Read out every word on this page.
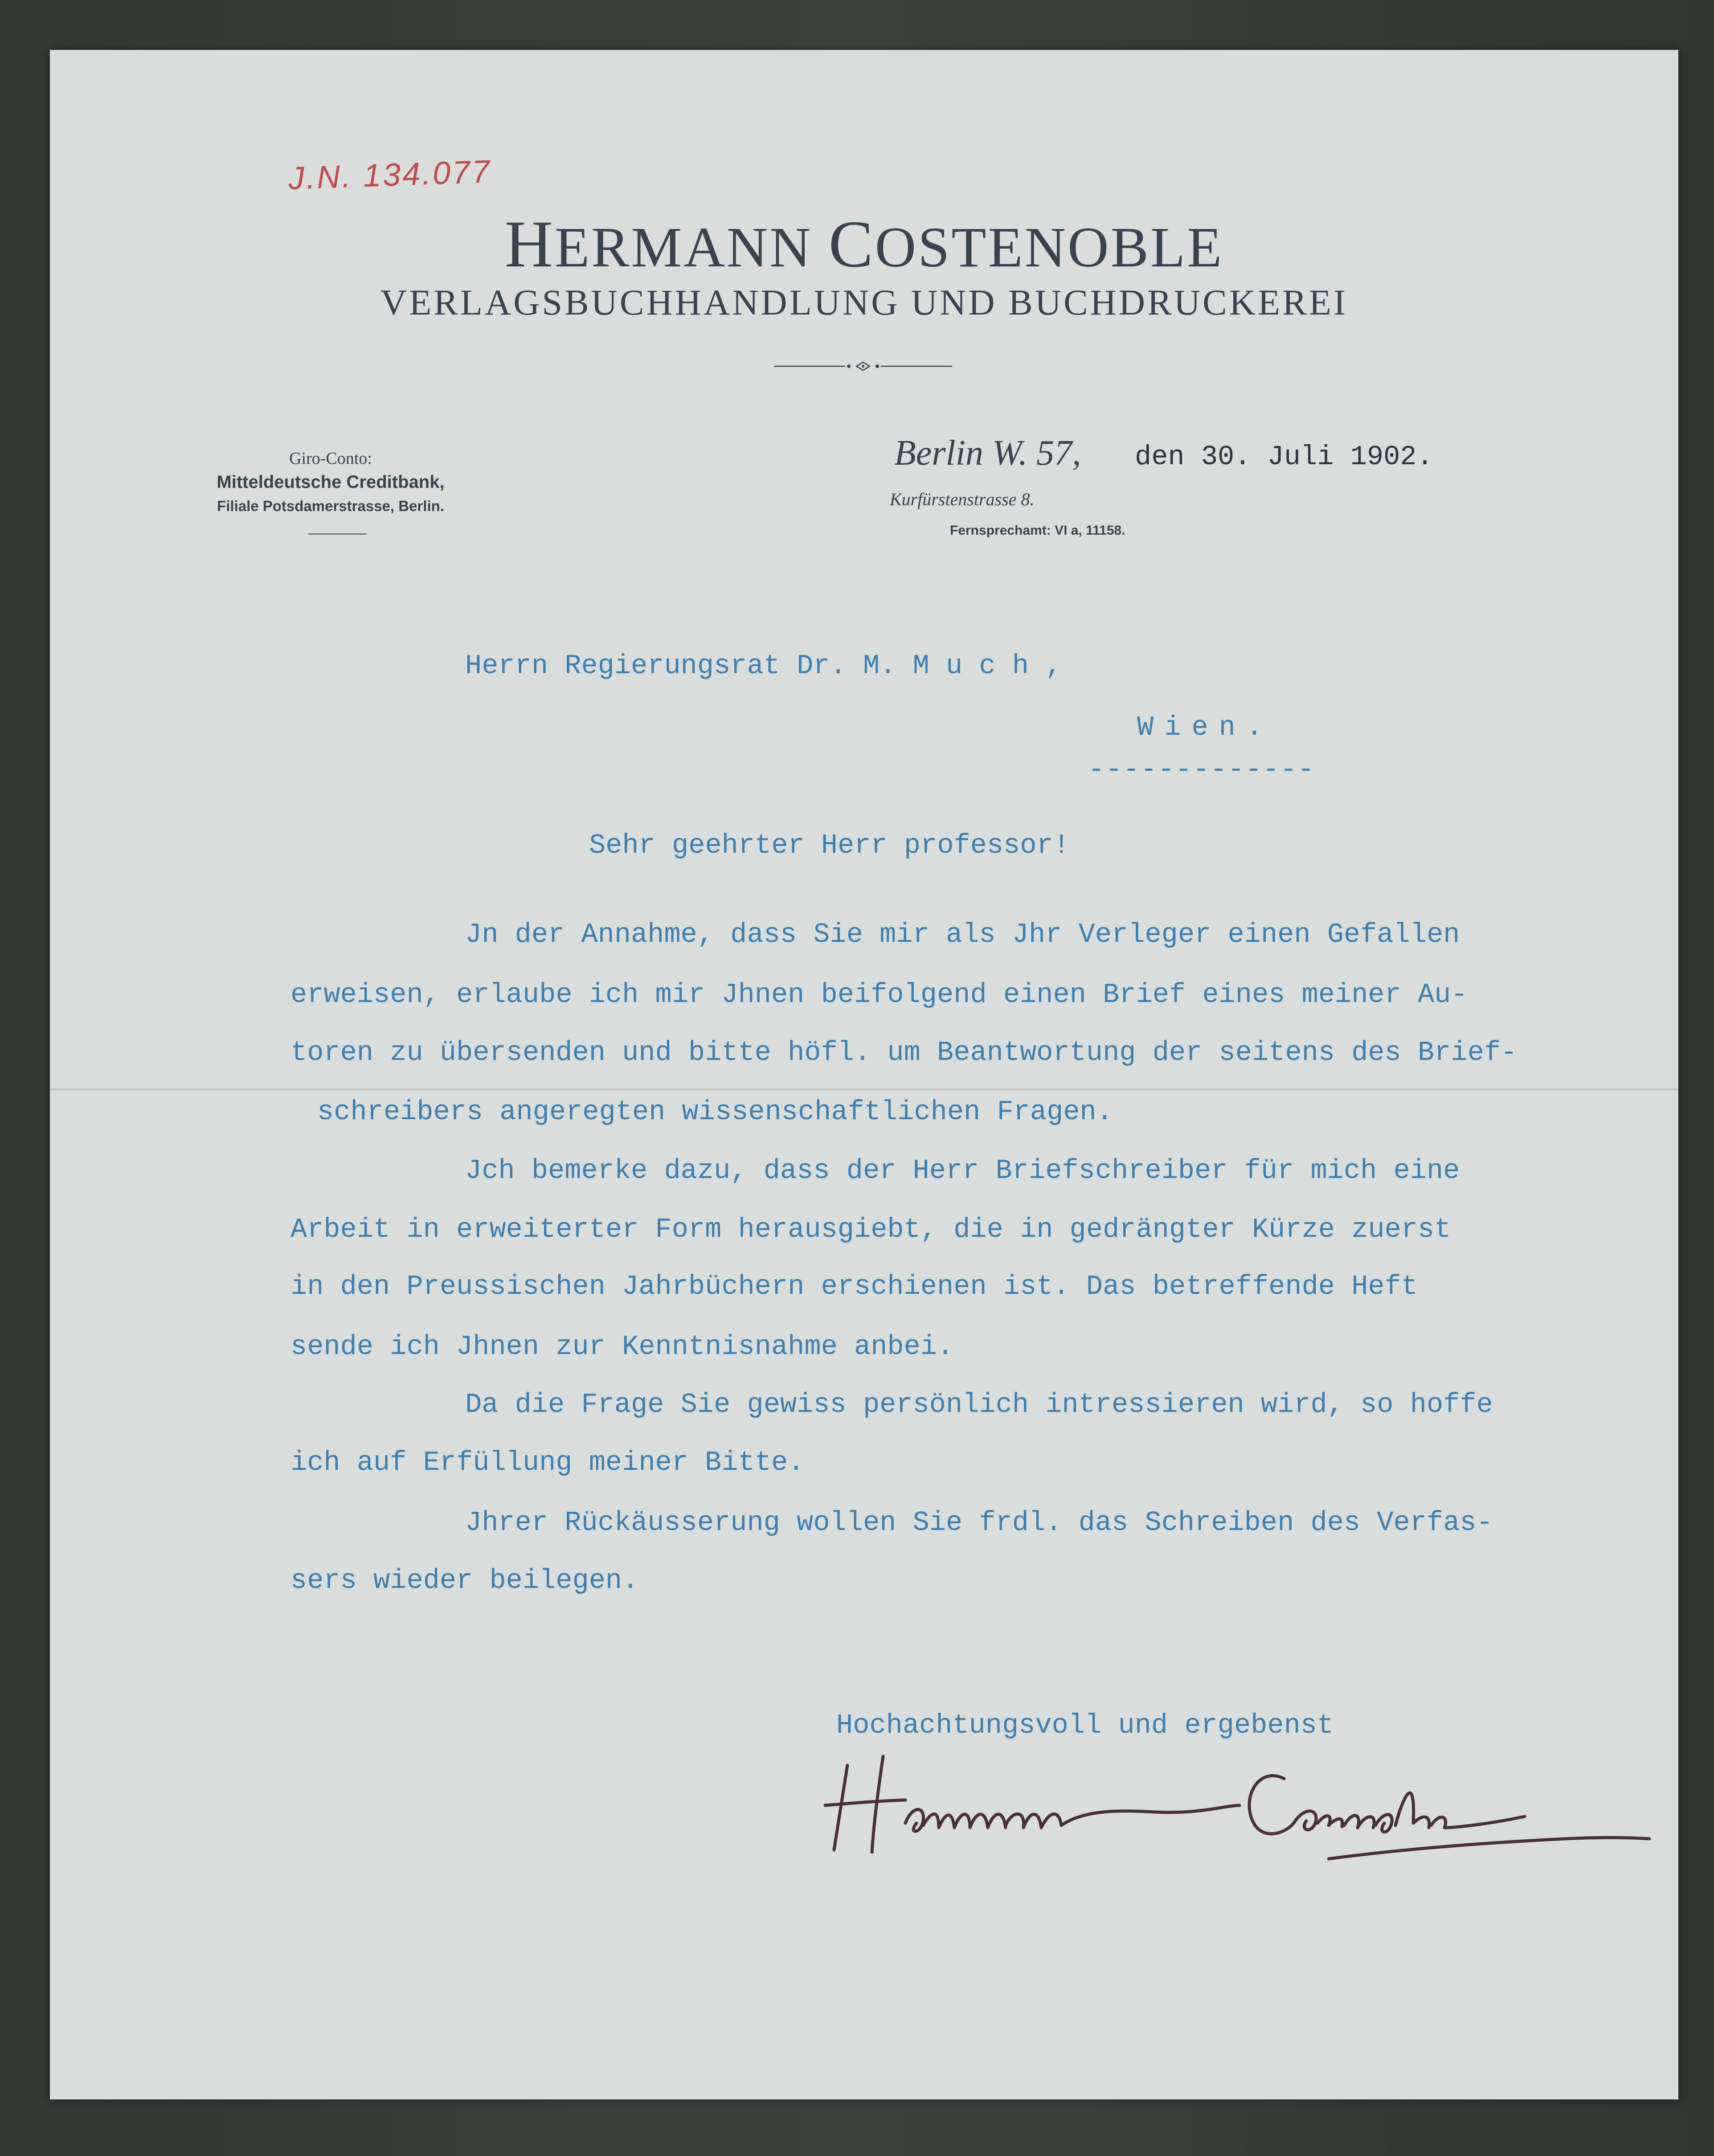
J.N. 134.077
HERMANN COSTENOBLE
VERLAGSBUCHHANDLUNG UND BUCHDRUCKEREI
Giro-Conto:
Mitteldeutsche Creditbank,
Filiale Potsdamerstrasse, Berlin.
Berlin W. 57, den 30. Juli 1902.
Kurfürstenstrasse 8.
Fernsprechamt: VI a, 11158.
Herrn Regierungsrat Dr. M. M u c h ,
Wien.
-------------
Sehr geehrter Herr professor!
Jn der Annahme, dass Sie mir als Jhr Verleger einen Gefallen
erweisen, erlaube ich mir Jhnen beifolgend einen Brief eines meiner Au-
toren zu übersenden und bitte höfl. um Beantwortung der seitens des Brief-
schreibers angeregten wissenschaftlichen Fragen.
Jch bemerke dazu, dass der Herr Briefschreiber für mich eine
Arbeit in erweiterter Form herausgiebt, die in gedrängter Kürze zuerst
in den Preussischen Jahrbüchern erschienen ist. Das betreffende Heft
sende ich Jhnen zur Kenntnisnahme anbei.
Da die Frage Sie gewiss persönlich intressieren wird, so hoffe
ich auf Erfüllung meiner Bitte.
Jhrer Rückäusserung wollen Sie frdl. das Schreiben des Verfas-
sers wieder beilegen.
Hochachtungsvoll und ergebenst
